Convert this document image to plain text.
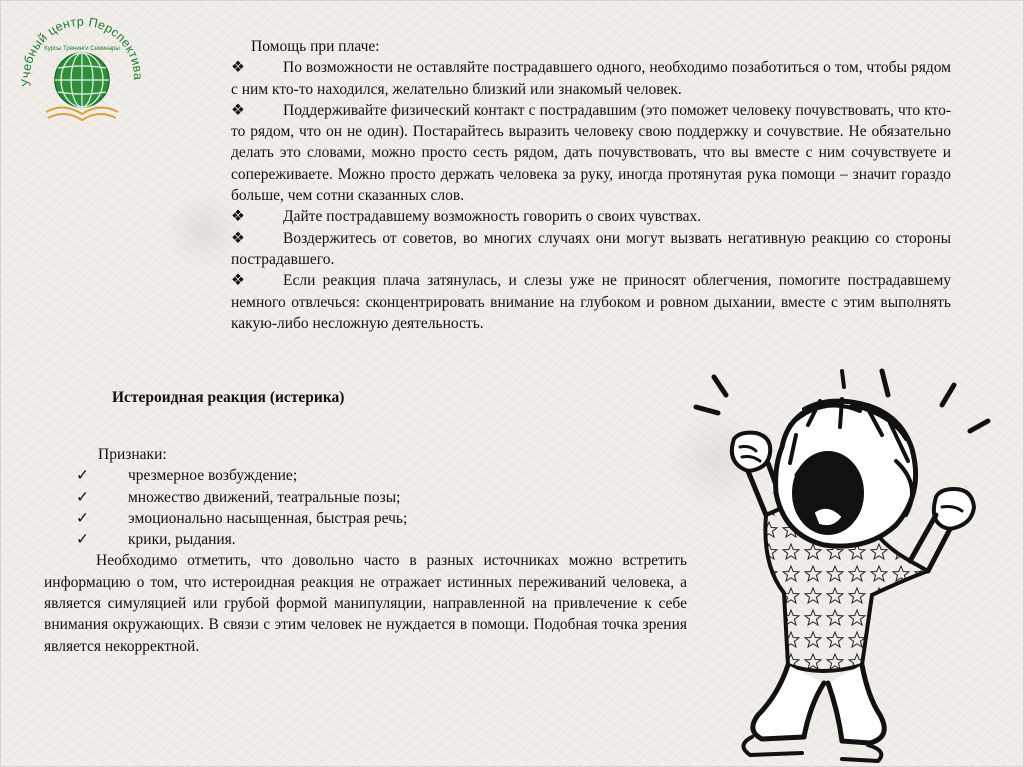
Учебный центр Перспектива
Курсы Тренинги Семинары	Помощь при плаче:
❖ По возможности не оставляйте пострадавшего одного, необходимо позаботиться о том, чтобы рядом с ним кто-то находился, желательно близкий или знакомый человек.
❖ Поддерживайте физический контакт с пострадавшим (это поможет человеку почувствовать, что кто-то рядом, что он не один). Постарайтесь выразить человеку свою поддержку и сочувствие. Не обязательно делать это словами, можно просто сесть рядом, дать почувствовать, что вы вместе с ним сочувствуете и сопереживаете. Можно просто держать человека за руку, иногда протянутая рука помощи – значит гораздо больше, чем сотни сказанных слов.
❖ Дайте пострадавшему возможность говорить о своих чувствах.
❖ Воздержитесь от советов, во многих случаях они могут вызвать негативную реакцию со стороны пострадавшего.
❖ Если реакция плача затянулась, и слезы уже не приносят облегчения, помогите пострадавшему немного отвлечься: сконцентрировать внимание на глубоком и ровном дыхании, вместе с этим выполнять какую-либо несложную деятельность.
Истероидная реакция (истерика)
Признаки:
✓	чрезмерное возбуждение;
✓	множество движений, театральные позы;
✓	эмоционально насыщенная, быстрая речь;
✓	крики, рыдания.
Необходимо отметить, что довольно часто в разных источниках можно встретить информацию о том, что истероидная реакция не отражает истинных переживаний человека, а является симуляцией или грубой формой манипуляции, направленной на привлечение к себе внимания окружающих. В связи с этим человек не нуждается в помощи. Подобная точка зрения является некорректной.
